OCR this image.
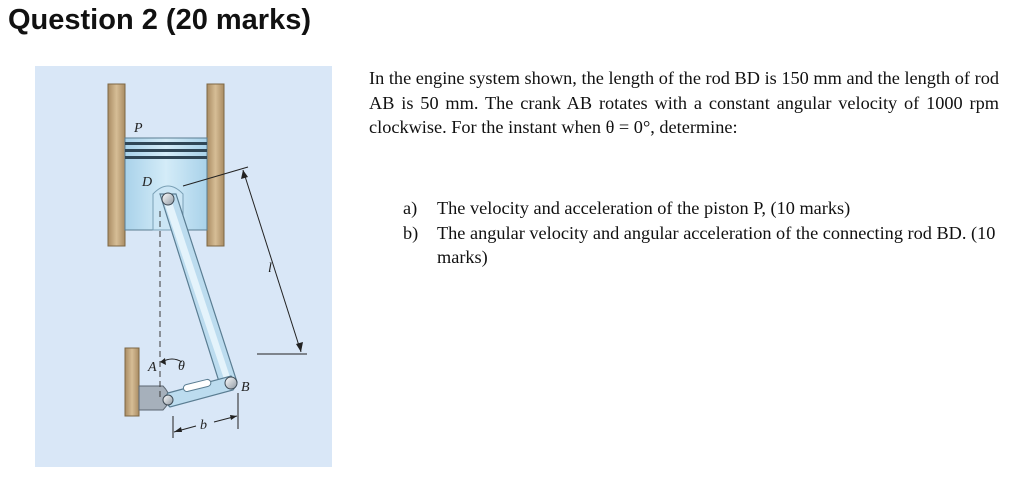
Question 2 (20 marks)
P
D
A θ
B
l
b

In the engine system shown, the length of the rod BD is 150 mm and the length of rod AB is 50 mm. The crank AB rotates with a constant angular velocity of 1000 rpm clockwise. For the instant when θ = 0°, determine:

a)	The velocity and acceleration of the piston P, (10 marks)
b)	The angular velocity and angular acceleration of the connecting rod BD. (10 marks)
